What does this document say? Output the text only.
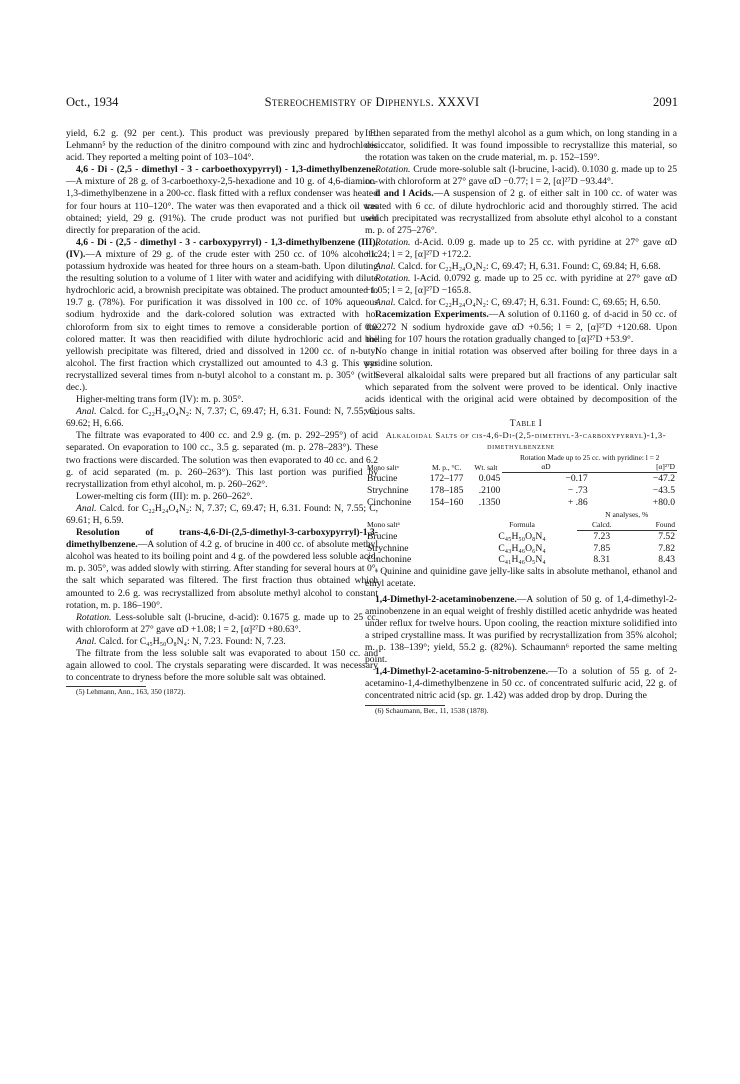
Oct., 1934	Stereochemistry of Diphenyls. XXXVI	2091

yield, 6.2 g. (92 per cent.). This product was previously prepared by E. Lehmann⁵ by the reduction of the dinitro compound with zinc and hydrochloric acid. They reported a melting point of 103–104°.

4,6 - Di - (2,5 - dimethyl - 3 - carboethoxypyrryl) - 1,3-dimethylbenzene.—A mixture of 28 g. of 3-carboethoxy-2,5-hexadione and 10 g. of 4,6-diamino-1,3-dimethylbenzene in a 200-cc. flask fitted with a reflux condenser was heated for four hours at 110–120°. The water was then evaporated and a thick oil was obtained; yield, 29 g. (91%). The crude product was not purified but used directly for preparation of the acid.

4,6 - Di - (2,5 - dimethyl - 3 - carboxypyrryl) - 1,3-dimethylbenzene (III), (IV).—A mixture of 29 g. of the crude ester with 250 cc. of 10% alcoholic potassium hydroxide was heated for three hours on a steam-bath. Upon diluting the resulting solution to a volume of 1 liter with water and acidifying with dilute hydrochloric acid, a brownish precipitate was obtained. The product amounted to 19.7 g. (78%). For purification it was dissolved in 100 cc. of 10% aqueous sodium hydroxide and the dark-colored solution was extracted with hot chloroform from six to eight times to remove a considerable portion of the colored matter. It was then reacidified with dilute hydrochloric acid and the yellowish precipitate was filtered, dried and dissolved in 1200 cc. of n-butyl alcohol. The first fraction which crystallized out amounted to 4.3 g. This was recrystallized several times from n-butyl alcohol to a constant m. p. 305° (with dec.).

Higher-melting trans form (IV): m. p. 305°.

Anal. Calcd. for C₂₂H₂₄O₄N₂: N, 7.37; C, 69.47; H, 6.31. Found: N, 7.55; C, 69.62; H, 6.66.

The filtrate was evaporated to 400 cc. and 2.9 g. (m. p. 292–295°) of acid separated. On evaporation to 100 cc., 3.5 g. separated (m. p. 278–283°). These two fractions were discarded. The solution was then evaporated to 40 cc. and 6.2 g. of acid separated (m. p. 260–263°). This last portion was purified by recrystallization from ethyl alcohol, m. p. 260–262°.

Lower-melting cis form (III): m. p. 260–262°.

Anal. Calcd. for C₂₂H₂₄O₄N₂: N, 7.37; C, 69.47; H, 6.31. Found: N, 7.55; C, 69.61; H, 6.59.

Resolution of trans-4,6-Di-(2,5-dimethyl-3-carboxypyrryl)-1,3-dimethylbenzene.—A solution of 4.2 g. of brucine in 400 cc. of absolute methyl alcohol was heated to its boiling point and 4 g. of the powdered less soluble acid, m. p. 305°, was added slowly with stirring. After standing for several hours at 0°, the salt which separated was filtered. The first fraction thus obtained which amounted to 2.6 g. was recrystallized from absolute methyl alcohol to constant rotation, m. p. 186–190°.

Rotation. Less-soluble salt (l-brucine, d-acid): 0.1675 g. made up to 25 cc. with chloroform at 27° gave αD +1.08; l = 2, [α]²⁷D +80.63°.

Anal. Calcd. for C₄₅H₅₀O₈N₄: N, 7.23. Found: N, 7.23.

The filtrate from the less soluble salt was evaporated to about 150 cc. and again allowed to cool. The crystals separating were discarded. It was necessary to concentrate to dryness before the more soluble salt was obtained.

(5) Lehmann, Ann., 163, 350 (1872).

It then separated from the methyl alcohol as a gum which, on long standing in a desiccator, solidified. It was found impossible to recrystallize this material, so the rotation was taken on the crude material, m. p. 152–159°.

Rotation. Crude more-soluble salt (l-brucine, l-acid). 0.1030 g. made up to 25 cc. with chloroform at 27° gave αD −0.77; l = 2, [α]²⁷D −93.44°.

d and l Acids.—A suspension of 2 g. of either salt in 100 cc. of water was treated with 6 cc. of dilute hydrochloric acid and thoroughly stirred. The acid which precipitated was recrystallized from absolute ethyl alcohol to a constant m. p. of 275–276°.

Rotation. d-Acid. 0.09 g. made up to 25 cc. with pyridine at 27° gave αD +1.24; l = 2, [α]²⁷D +172.2.

Anal. Calcd. for C₂₂H₂₄O₄N₂: C, 69.47; H, 6.31. Found: C, 69.84; H, 6.68.

Rotation. l-Acid. 0.0792 g. made up to 25 cc. with pyridine at 27° gave αD −1.05; l = 2, [α]²⁷D −165.8.

Anal. Calcd. for C₂₂H₂₄O₄N₂: C, 69.47; H, 6.31. Found: C, 69.65; H, 6.50.

Racemization Experiments.—A solution of 0.1160 g. of d-acid in 50 cc. of 0.02272 N sodium hydroxide gave αD +0.56; l = 2, [α]²⁷D +120.68. Upon boiling for 107 hours the rotation gradually changed to [α]²⁷D +53.9°.

No change in initial rotation was observed after boiling for three days in a pyridine solution.

Several alkaloidal salts were prepared but all fractions of any particular salt which separated from the solvent were proved to be identical. Only inactive acids identical with the original acid were obtained by decomposition of the various salts.

Table I

Alkaloidal Salts of cis-4,6-Di-(2,5-dimethyl-3-carboxypyrryl)-1,3-dimethylbenzene

Mono saltᵃ	M. p., °C.	Wt. salt	Rotation Made up to 25 cc. with pyridine: l = 2	
			αD	[α]²⁷D
Brucine	172–177	0.045	−0.17	−47.2
Strychnine	178–185	.2100	− .73	−43.5
Cinchonine	154–160	.1350	+ .86	+80.0
Mono saltᵃ	Formula	N analyses, %	
		Calcd.	Found
Brucine	C₄₅H₅₀O₈N₄	7.23	7.52
Strychnine	C₄₃H₄₆O₆N₄	7.85	7.82
Cinchonine	C₄₁H₄₆O₅N₄	8.31	8.43

ᵃ Quinine and quinidine gave jelly-like salts in absolute methanol, ethanol and ethyl acetate.

1,4-Dimethyl-2-acetaminobenzene.—A solution of 50 g. of 1,4-dimethyl-2-aminobenzene in an equal weight of freshly distilled acetic anhydride was heated under reflux for twelve hours. Upon cooling, the reaction mixture solidified into a striped crystalline mass. It was purified by recrystallization from 35% alcohol; m. p. 138–139°; yield, 55.2 g. (82%). Schaumann⁶ reported the same melting point.

1,4-Dimethyl-2-acetamino-5-nitrobenzene.—To a solution of 55 g. of 2-acetamino-1,4-dimethylbenzene in 50 cc. of concentrated sulfuric acid, 22 g. of concentrated nitric acid (sp. gr. 1.42) was added drop by drop. During the

(6) Schaumann, Ber., 11, 1538 (1878).
